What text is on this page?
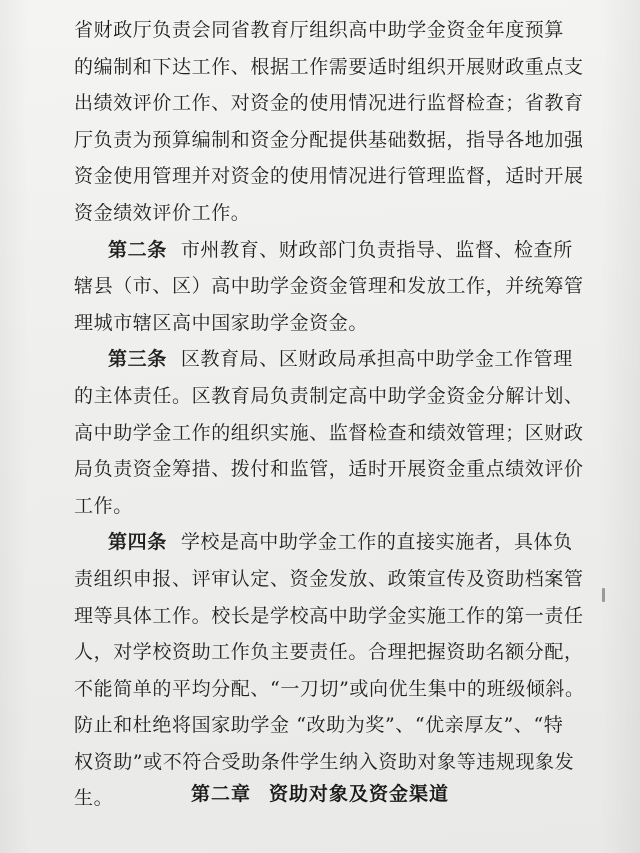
省财政厅负责会同省教育厅组织高中助学金资金年度预算
的编制和下达工作、根据工作需要适时组织开展财政重点支
出绩效评价工作、对资金的使用情况进行监督检查；省教育
厅负责为预算编制和资金分配提供基础数据，指导各地加强
资金使用管理并对资金的使用情况进行管理监督，适时开展
资金绩效评价工作。
第二条 市州教育、财政部门负责指导、监督、检查所
辖县（市、区）高中助学金资金管理和发放工作，并统筹管
理城市辖区高中国家助学金资金。
第三条 区教育局、区财政局承担高中助学金工作管理
的主体责任。区教育局负责制定高中助学金资金分解计划、
高中助学金工作的组织实施、监督检查和绩效管理；区财政
局负责资金筹措、拨付和监管，适时开展资金重点绩效评价
工作。
第四条 学校是高中助学金工作的直接实施者，具体负
责组织申报、评审认定、资金发放、政策宣传及资助档案管
理等具体工作。校长是学校高中助学金实施工作的第一责任
人，对学校资助工作负主要责任。合理把握资助名额分配，
不能简单的平均分配、“一刀切”或向优生集中的班级倾斜。
防止和杜绝将国家助学金 “改助为奖”、“优亲厚友”、“特
权资助”或不符合受助条件学生纳入资助对象等违规现象发
生。	第二章 资助对象及资金渠道
